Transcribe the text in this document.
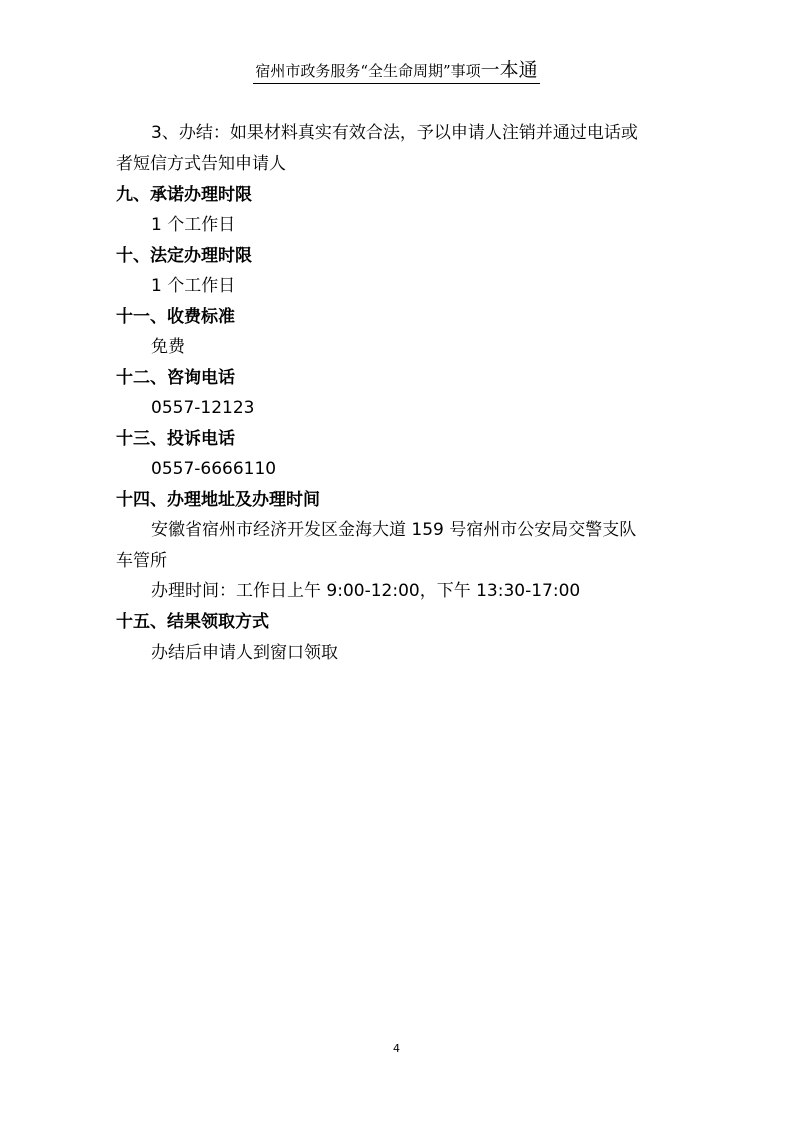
宿州市政务服务“全生命周期”事项一本通
3、办结：如果材料真实有效合法，予以申请人注销并通过电话或
者短信方式告知申请人
九、承诺办理时限
1 个工作日
十、法定办理时限
1 个工作日
十一、收费标准
免费
十二、咨询电话
0557-12123
十三、投诉电话
0557-6666110
十四、办理地址及办理时间
安徽省宿州市经济开发区金海大道 159 号宿州市公安局交警支队
车管所
办理时间：工作日上午 9:00-12:00，下午 13:30-17:00
十五、结果领取方式
办结后申请人到窗口领取
4
